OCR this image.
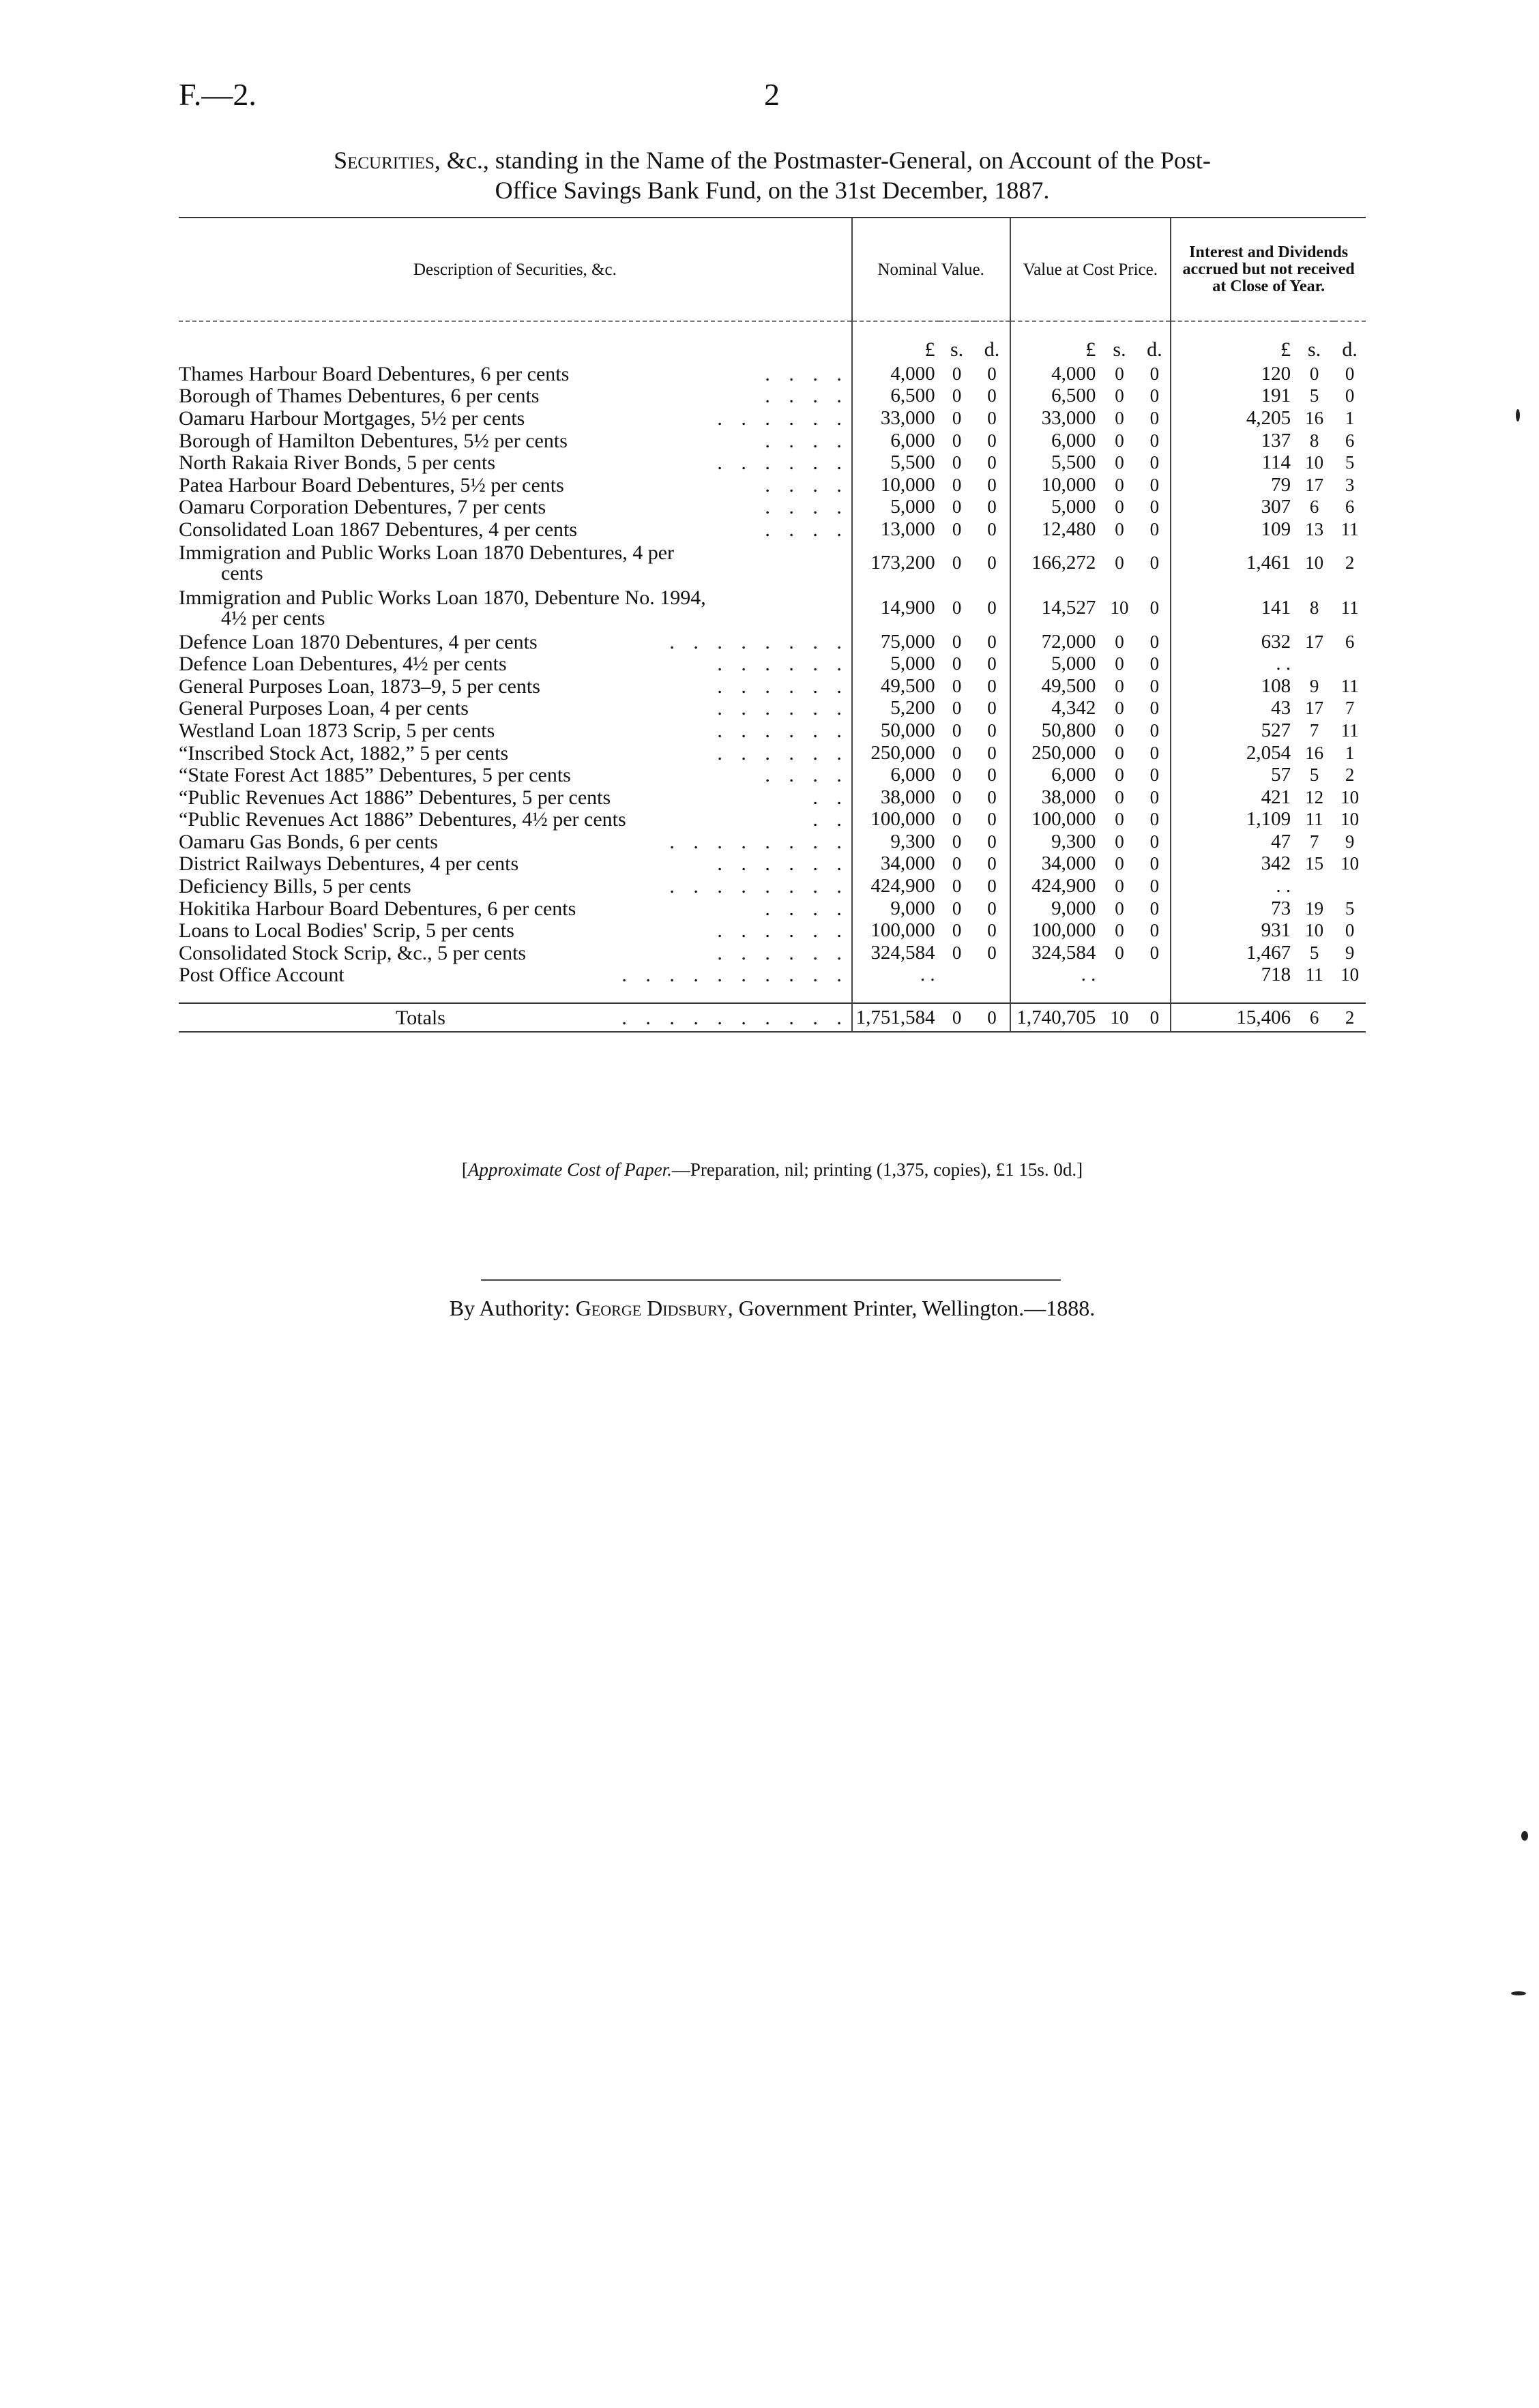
F.—2.	2
Securities, &c., standing in the Name of the Postmaster-General, on Account of the Post-
Office Savings Bank Fund, on the 31st December, 1887.
Description of Securities, &c.	Nominal Value.			Value at Cost Price.			Interest and Dividends accrued but not received at Close of Year.		
	£	s.	d.	£	s.	d.	£	s.	d.

Thames Harbour Board Debentures, 6 per cents . . . .	4,000	0	0	4,000	0	0	120	0	0

Borough of Thames Debentures, 6 per cents . . . .	6,500	0	0	6,500	0	0	191	5	0

Oamaru Harbour Mortgages, 5½ per cents . . . . . .	33,000	0	0	33,000	0	0	4,205	16	1

Borough of Hamilton Debentures, 5½ per cents . . . .	6,000	0	0	6,000	0	0	137	8	6

North Rakaia River Bonds, 5 per cents . . . . . .	5,500	0	0	5,500	0	0	114	10	5

Patea Harbour Board Debentures, 5½ per cents . . . .	10,000	0	0	10,000	0	0	79	17	3

Oamaru Corporation Debentures, 7 per cents . . . .	5,000	0	0	5,000	0	0	307	6	6

Consolidated Loan 1867 Debentures, 4 per cents . . . .	13,000	0	0	12,480	0	0	109	13	11
Immigration and Public Works Loan 1870 Debentures, 4 per
cents	173,200	0	0	166,272	0	0	1,461	10	2
Immigration and Public Works Loan 1870, Debenture No. 1994,
4½ per cents	14,900	0	0	14,527	10	0	141	8	11

Defence Loan 1870 Debentures, 4 per cents . . . . . . . .	75,000	0	0	72,000	0	0	632	17	6

Defence Loan Debentures, 4½ per cents . . . . . .	5,000	0	0	5,000	0	0	. .		

General Purposes Loan, 1873–9, 5 per cents . . . . . .	49,500	0	0	49,500	0	0	108	9	11

General Purposes Loan, 4 per cents . . . . . .	5,200	0	0	4,342	0	0	43	17	7

Westland Loan 1873 Scrip, 5 per cents . . . . . .	50,000	0	0	50,800	0	0	527	7	11

“Inscribed Stock Act, 1882,” 5 per cents . . . . . .	250,000	0	0	250,000	0	0	2,054	16	1

“State Forest Act 1885” Debentures, 5 per cents . . . .	6,000	0	0	6,000	0	0	57	5	2

“Public Revenues Act 1886” Debentures, 5 per cents . .	38,000	0	0	38,000	0	0	421	12	10

“Public Revenues Act 1886” Debentures, 4½ per cents . .	100,000	0	0	100,000	0	0	1,109	11	10

Oamaru Gas Bonds, 6 per cents . . . . . . . .	9,300	0	0	9,300	0	0	47	7	9

District Railways Debentures, 4 per cents . . . . . .	34,000	0	0	34,000	0	0	342	15	10

Deficiency Bills, 5 per cents . . . . . . . .	424,900	0	0	424,900	0	0	. .		

Hokitika Harbour Board Debentures, 6 per cents . . . .	9,000	0	0	9,000	0	0	73	19	5

Loans to Local Bodies' Scrip, 5 per cents . . . . . .	100,000	0	0	100,000	0	0	931	10	0

Consolidated Stock Scrip, &c., 5 per cents . . . . . .	324,584	0	0	324,584	0	0	1,467	5	9

Post Office Account . . . . . . . . . .	. .			. .			718	11	10

Totals . . . . . . . . . .	1,751,584	0	0	1,740,705	10	0	15,406	6	2
[Approximate Cost of Paper.—Preparation, nil; printing (1,375, copies), £1 15s. 0d.]
By Authority: George Didsbury, Government Printer, Wellington.—1888.
